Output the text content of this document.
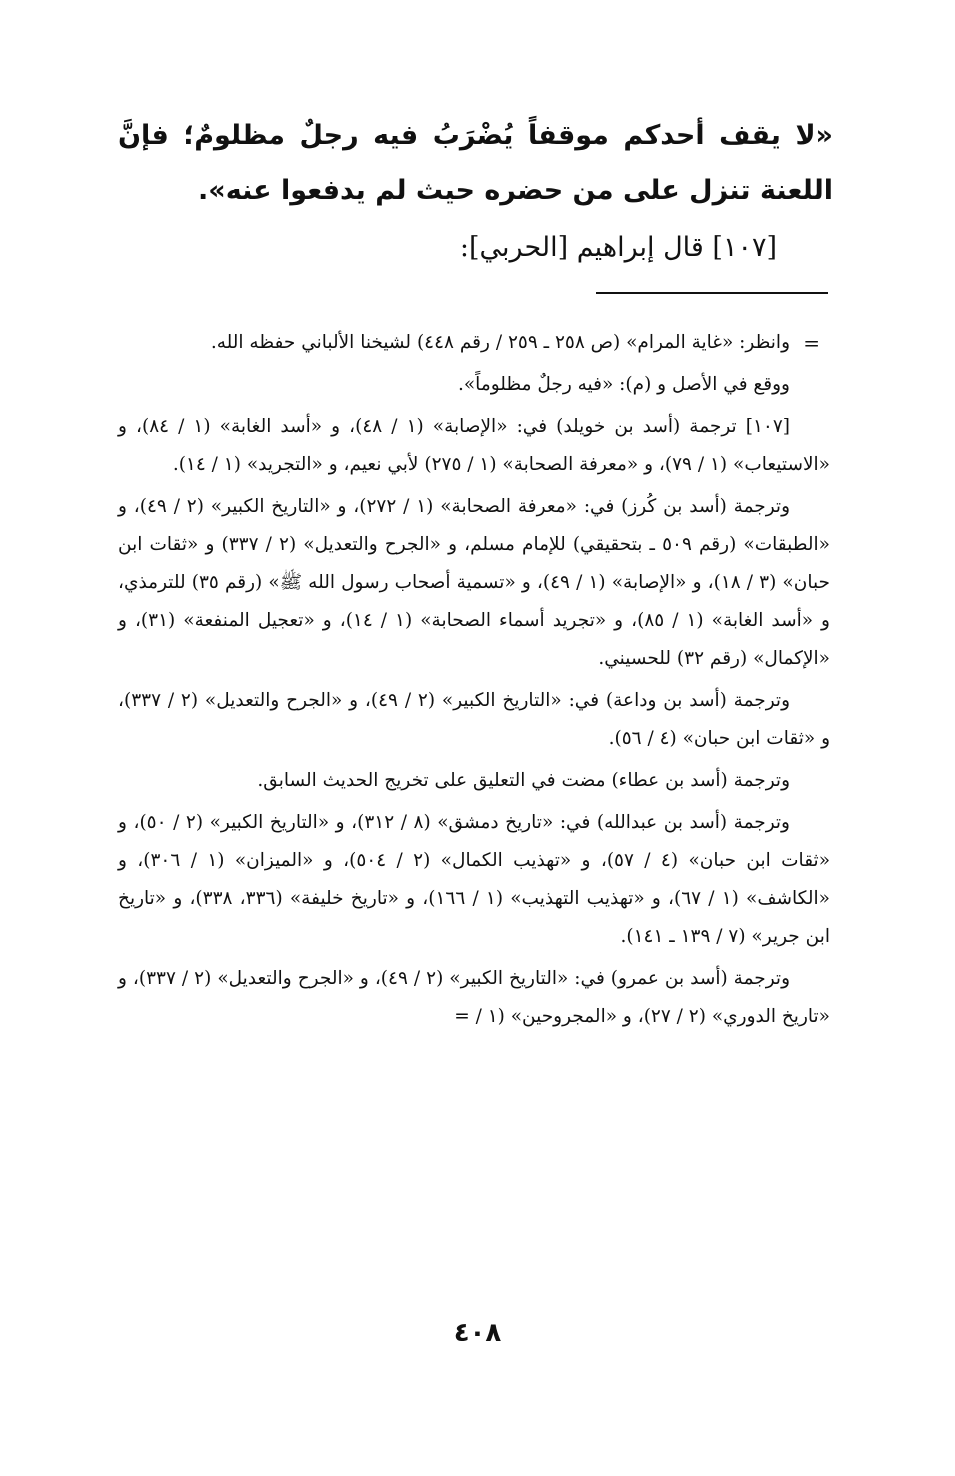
«لا يقف أحدكم موقفاً يُضْرَبُ فيه رجلٌ مظلومٌ؛ فإنَّ اللعنة تنزل على من حضره حيث لم يدفعوا عنه».
[١٠٧] قال إبراهيم [الحربي]:

=
وانظر: «غاية المرام» (ص ٢٥٨ ـ ٢٥٩ / رقم ٤٤٨) لشيخنا الألباني حفظه الله.

ووقع في الأصل و (م): «فيه رجلٌ مظلوماً».

[١٠٧] ترجمة (أسد بن خويلد) في: «الإصابة» (١ / ٤٨)، و «أسد الغابة» (١ / ٨٤)، و «الاستيعاب» (١ / ٧٩)، و «معرفة الصحابة» (١ / ٢٧٥) لأبي نعيم، و «التجريد» (١ / ١٤).

وترجمة (أسد بن كُرز) في: «معرفة الصحابة» (١ / ٢٧٢)، و «التاريخ الكبير» (٢ / ٤٩)، و «الطبقات» (رقم ٥٠٩ ـ بتحقيقي) للإمام مسلم، و «الجرح والتعديل» (٢ / ٣٣٧) و «ثقات ابن حبان» (٣ / ١٨)، و «الإصابة» (١ / ٤٩)، و «تسمية أصحاب رسول الله ﷺ» (رقم ٣٥) للترمذي، و «أسد الغابة» (١ / ٨٥)، و «تجريد أسماء الصحابة» (١ / ١٤)، و «تعجيل المنفعة» (٣١)، و «الإكمال» (رقم ٣٢) للحسيني.

وترجمة (أسد بن وداعة) في: «التاريخ الكبير» (٢ / ٤٩)، و «الجرح والتعديل» (٢ / ٣٣٧)، و «ثقات ابن حبان» (٤ / ٥٦).

وترجمة (أسد بن عطاء) مضت في التعليق على تخريج الحديث السابق.

وترجمة (أسد بن عبدالله) في: «تاريخ دمشق» (٨ / ٣١٢)، و «التاريخ الكبير» (٢ / ٥٠)، و «ثقات ابن حبان» (٤ / ٥٧)، و «تهذيب الكمال» (٢ / ٥٠٤)، و «الميزان» (١ / ٣٠٦)، و «الكاشف» (١ / ٦٧)، و «تهذيب التهذيب» (١ / ١٦٦)، و «تاريخ خليفة» (٣٣٦، ٣٣٨)، و «تاريخ ابن جرير» (٧ / ١٣٩ ـ ١٤١).

وترجمة (أسد بن عمرو) في: «التاريخ الكبير» (٢ / ٤٩)، و «الجرح والتعديل» (٢ / ٣٣٧)، و «تاريخ الدوري» (٢ / ٢٧)، و «المجروحين» (١ / =

٤٠٨
